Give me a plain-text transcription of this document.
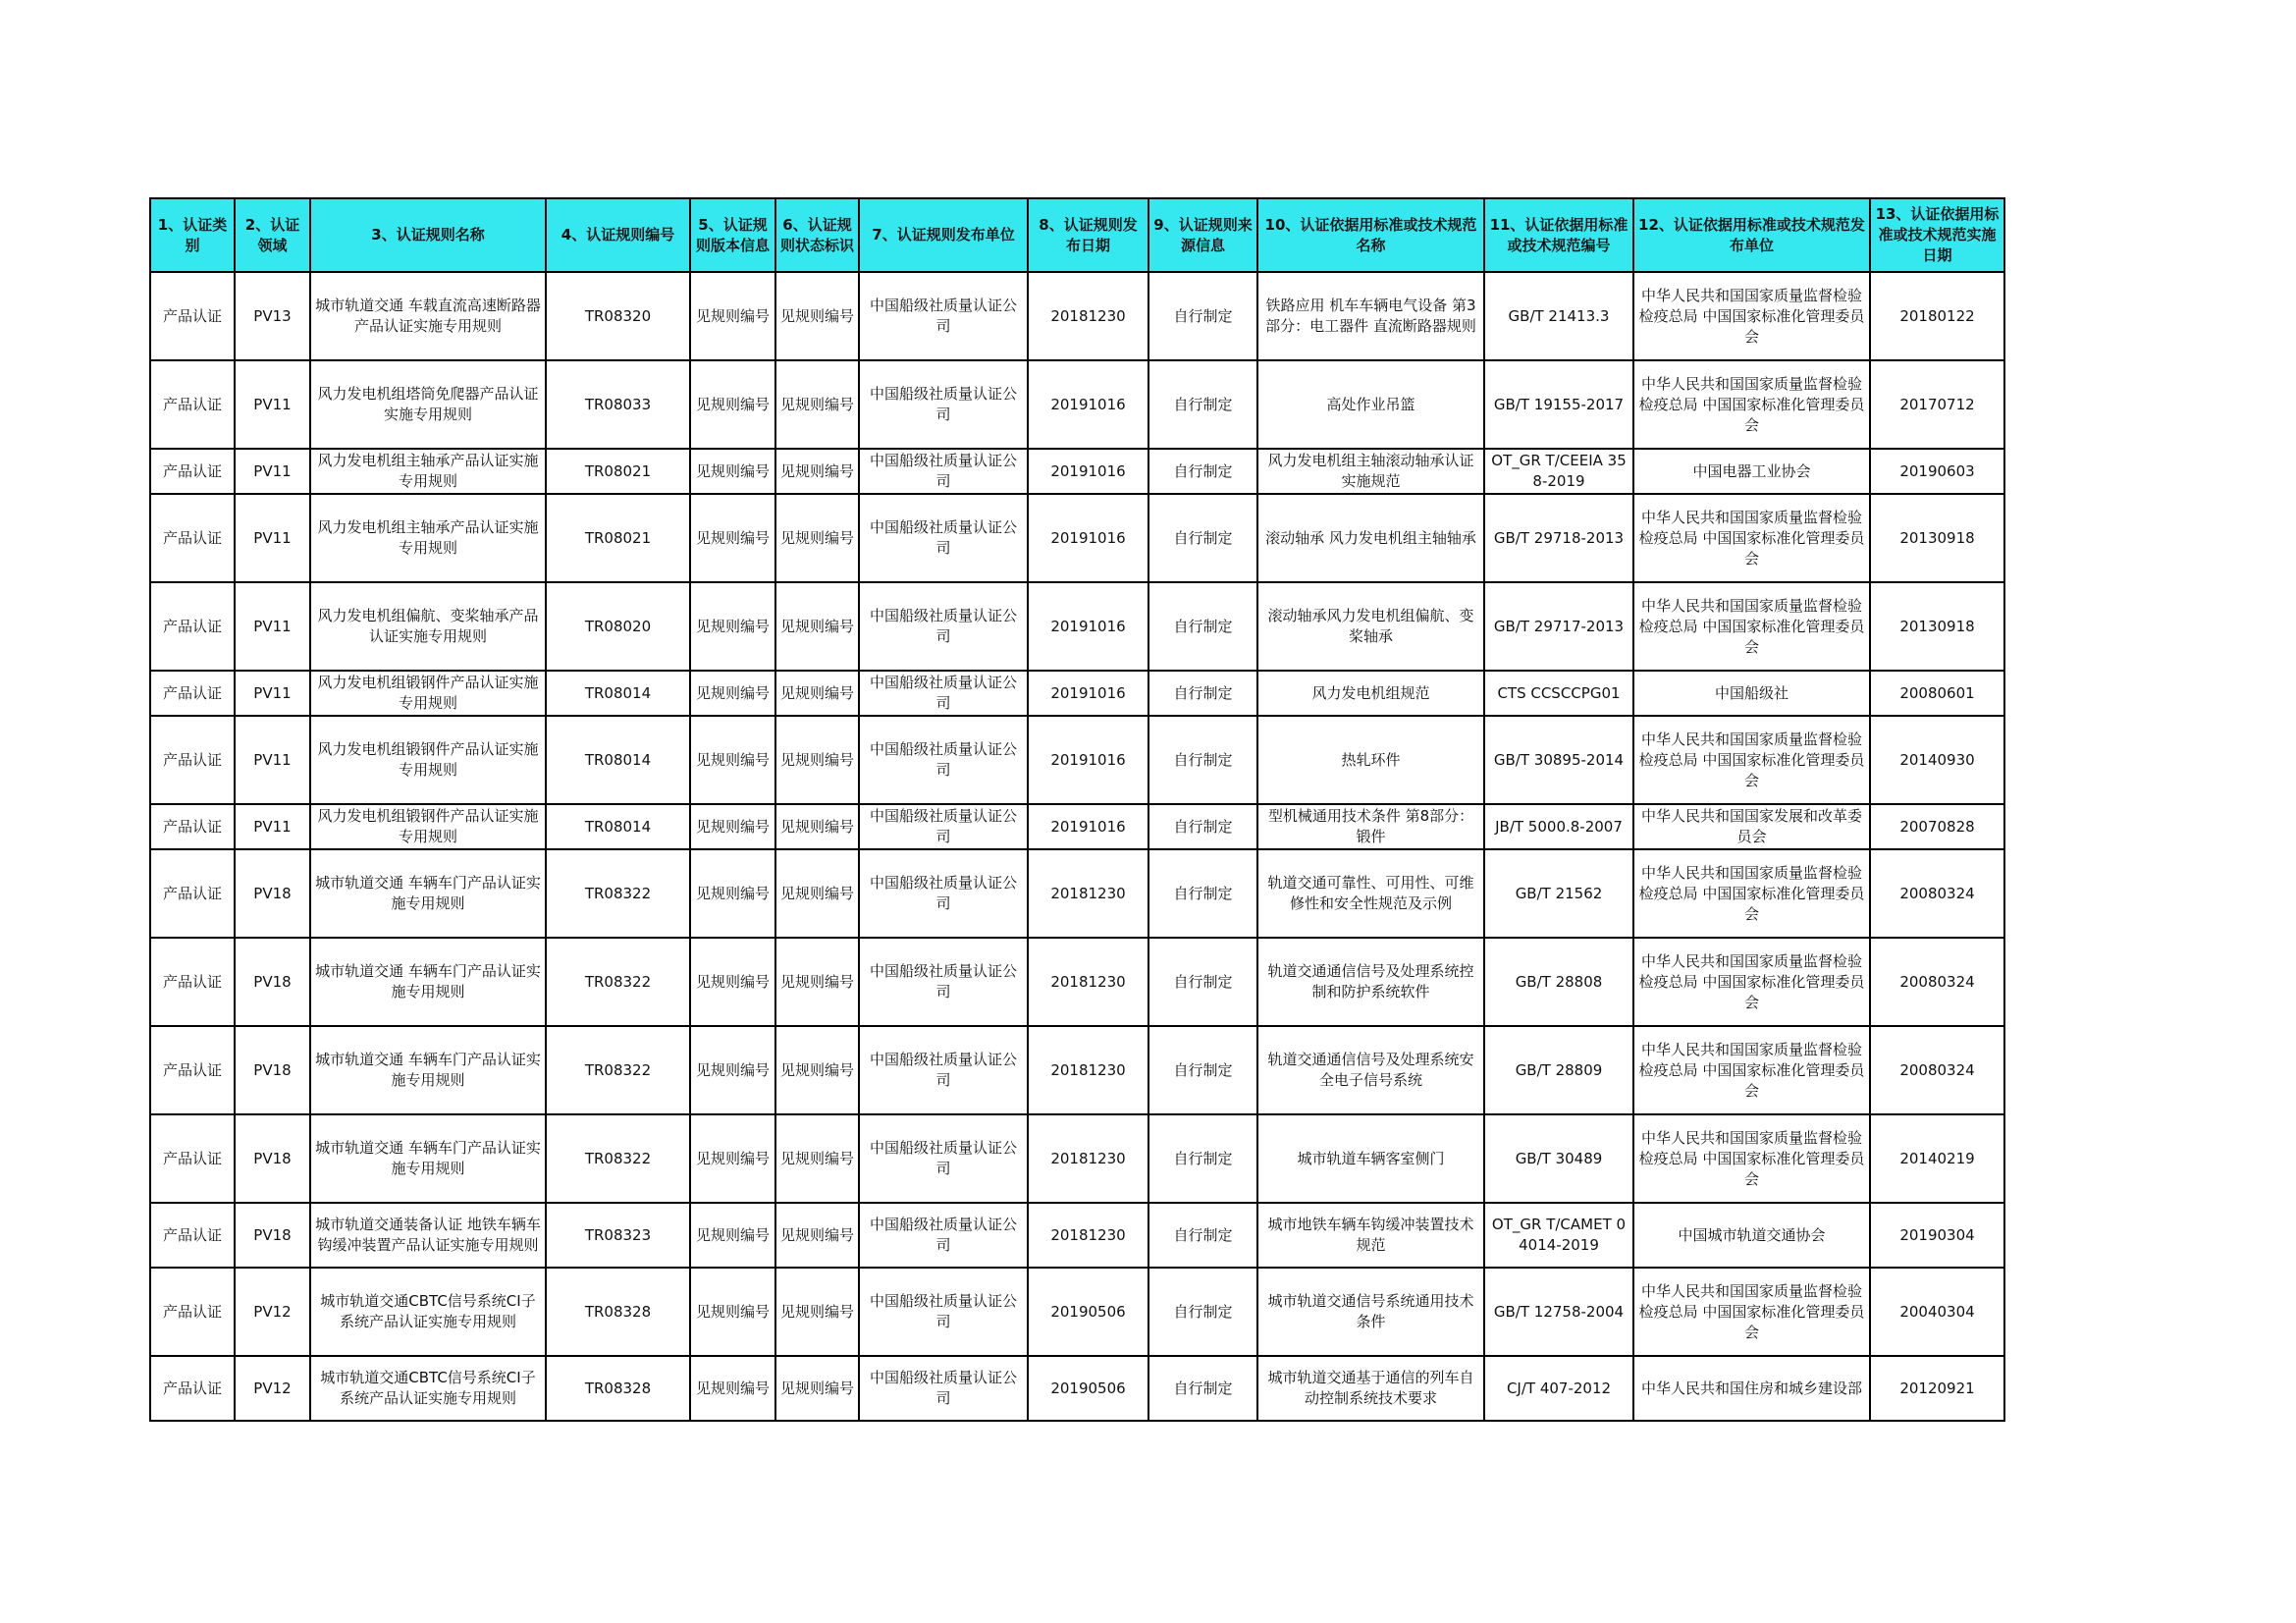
1、认证类别	2、认证领域	3、认证规则名称	4、认证规则编号	5、认证规则版本信息	6、认证规则状态标识	7、认证规则发布单位	8、认证规则发布日期	9、认证规则来源信息	10、认证依据用标准或技术规范名称	11、认证依据用标准或技术规范编号	12、认证依据用标准或技术规范发布单位	13、认证依据用标准或技术规范实施日期
产品认证	PV13	城市轨道交通 车载直流高速断路器产品认证实施专用规则	TR08320	见规则编号	见规则编号	中国船级社质量认证公司	20181230	自行制定	铁路应用 机车车辆电气设备 第3部分：电工器件 直流断路器规则	GB/T 21413.3	中华人民共和国国家质量监督检验检疫总局 中国国家标准化管理委员会	20180122
产品认证	PV11	风力发电机组塔筒免爬器产品认证实施专用规则	TR08033	见规则编号	见规则编号	中国船级社质量认证公司	20191016	自行制定	高处作业吊篮	GB/T 19155-2017	中华人民共和国国家质量监督检验检疫总局 中国国家标准化管理委员会	20170712
产品认证	PV11	风力发电机组主轴承产品认证实施专用规则	TR08021	见规则编号	见规则编号	中国船级社质量认证公司	20191016	自行制定	风力发电机组主轴滚动轴承认证实施规范	OT_GR T/CEEIA 358-2019	中国电器工业协会	20190603
产品认证	PV11	风力发电机组主轴承产品认证实施专用规则	TR08021	见规则编号	见规则编号	中国船级社质量认证公司	20191016	自行制定	滚动轴承 风力发电机组主轴轴承	GB/T 29718-2013	中华人民共和国国家质量监督检验检疫总局 中国国家标准化管理委员会	20130918
产品认证	PV11	风力发电机组偏航、变桨轴承产品认证实施专用规则	TR08020	见规则编号	见规则编号	中国船级社质量认证公司	20191016	自行制定	滚动轴承风力发电机组偏航、变桨轴承	GB/T 29717-2013	中华人民共和国国家质量监督检验检疫总局 中国国家标准化管理委员会	20130918
产品认证	PV11	风力发电机组锻钢件产品认证实施专用规则	TR08014	见规则编号	见规则编号	中国船级社质量认证公司	20191016	自行制定	风力发电机组规范	CTS CCSCCPG01	中国船级社	20080601
产品认证	PV11	风力发电机组锻钢件产品认证实施专用规则	TR08014	见规则编号	见规则编号	中国船级社质量认证公司	20191016	自行制定	热轧环件	GB/T 30895-2014	中华人民共和国国家质量监督检验检疫总局 中国国家标准化管理委员会	20140930
产品认证	PV11	风力发电机组锻钢件产品认证实施专用规则	TR08014	见规则编号	见规则编号	中国船级社质量认证公司	20191016	自行制定	型机械通用技术条件 第8部分：锻件	JB/T 5000.8-2007	中华人民共和国国家发展和改革委员会	20070828
产品认证	PV18	城市轨道交通 车辆车门产品认证实施专用规则	TR08322	见规则编号	见规则编号	中国船级社质量认证公司	20181230	自行制定	轨道交通可靠性、可用性、可维修性和安全性规范及示例	GB/T 21562	中华人民共和国国家质量监督检验检疫总局 中国国家标准化管理委员会	20080324
产品认证	PV18	城市轨道交通 车辆车门产品认证实施专用规则	TR08322	见规则编号	见规则编号	中国船级社质量认证公司	20181230	自行制定	轨道交通通信信号及处理系统控制和防护系统软件	GB/T 28808	中华人民共和国国家质量监督检验检疫总局 中国国家标准化管理委员会	20080324
产品认证	PV18	城市轨道交通 车辆车门产品认证实施专用规则	TR08322	见规则编号	见规则编号	中国船级社质量认证公司	20181230	自行制定	轨道交通通信信号及处理系统安全电子信号系统	GB/T 28809	中华人民共和国国家质量监督检验检疫总局 中国国家标准化管理委员会	20080324
产品认证	PV18	城市轨道交通 车辆车门产品认证实施专用规则	TR08322	见规则编号	见规则编号	中国船级社质量认证公司	20181230	自行制定	城市轨道车辆客室侧门	GB/T 30489	中华人民共和国国家质量监督检验检疫总局 中国国家标准化管理委员会	20140219
产品认证	PV18	城市轨道交通装备认证 地铁车辆车钩缓冲装置产品认证实施专用规则	TR08323	见规则编号	见规则编号	中国船级社质量认证公司	20181230	自行制定	城市地铁车辆车钩缓冲装置技术规范	OT_GR T/CAMET 04014-2019	中国城市轨道交通协会	20190304
产品认证	PV12	城市轨道交通CBTC信号系统CI子系统产品认证实施专用规则	TR08328	见规则编号	见规则编号	中国船级社质量认证公司	20190506	自行制定	城市轨道交通信号系统通用技术条件	GB/T 12758-2004	中华人民共和国国家质量监督检验检疫总局 中国国家标准化管理委员会	20040304
产品认证	PV12	城市轨道交通CBTC信号系统CI子系统产品认证实施专用规则	TR08328	见规则编号	见规则编号	中国船级社质量认证公司	20190506	自行制定	城市轨道交通基于通信的列车自动控制系统技术要求	CJ/T 407-2012	中华人民共和国住房和城乡建设部	20120921
